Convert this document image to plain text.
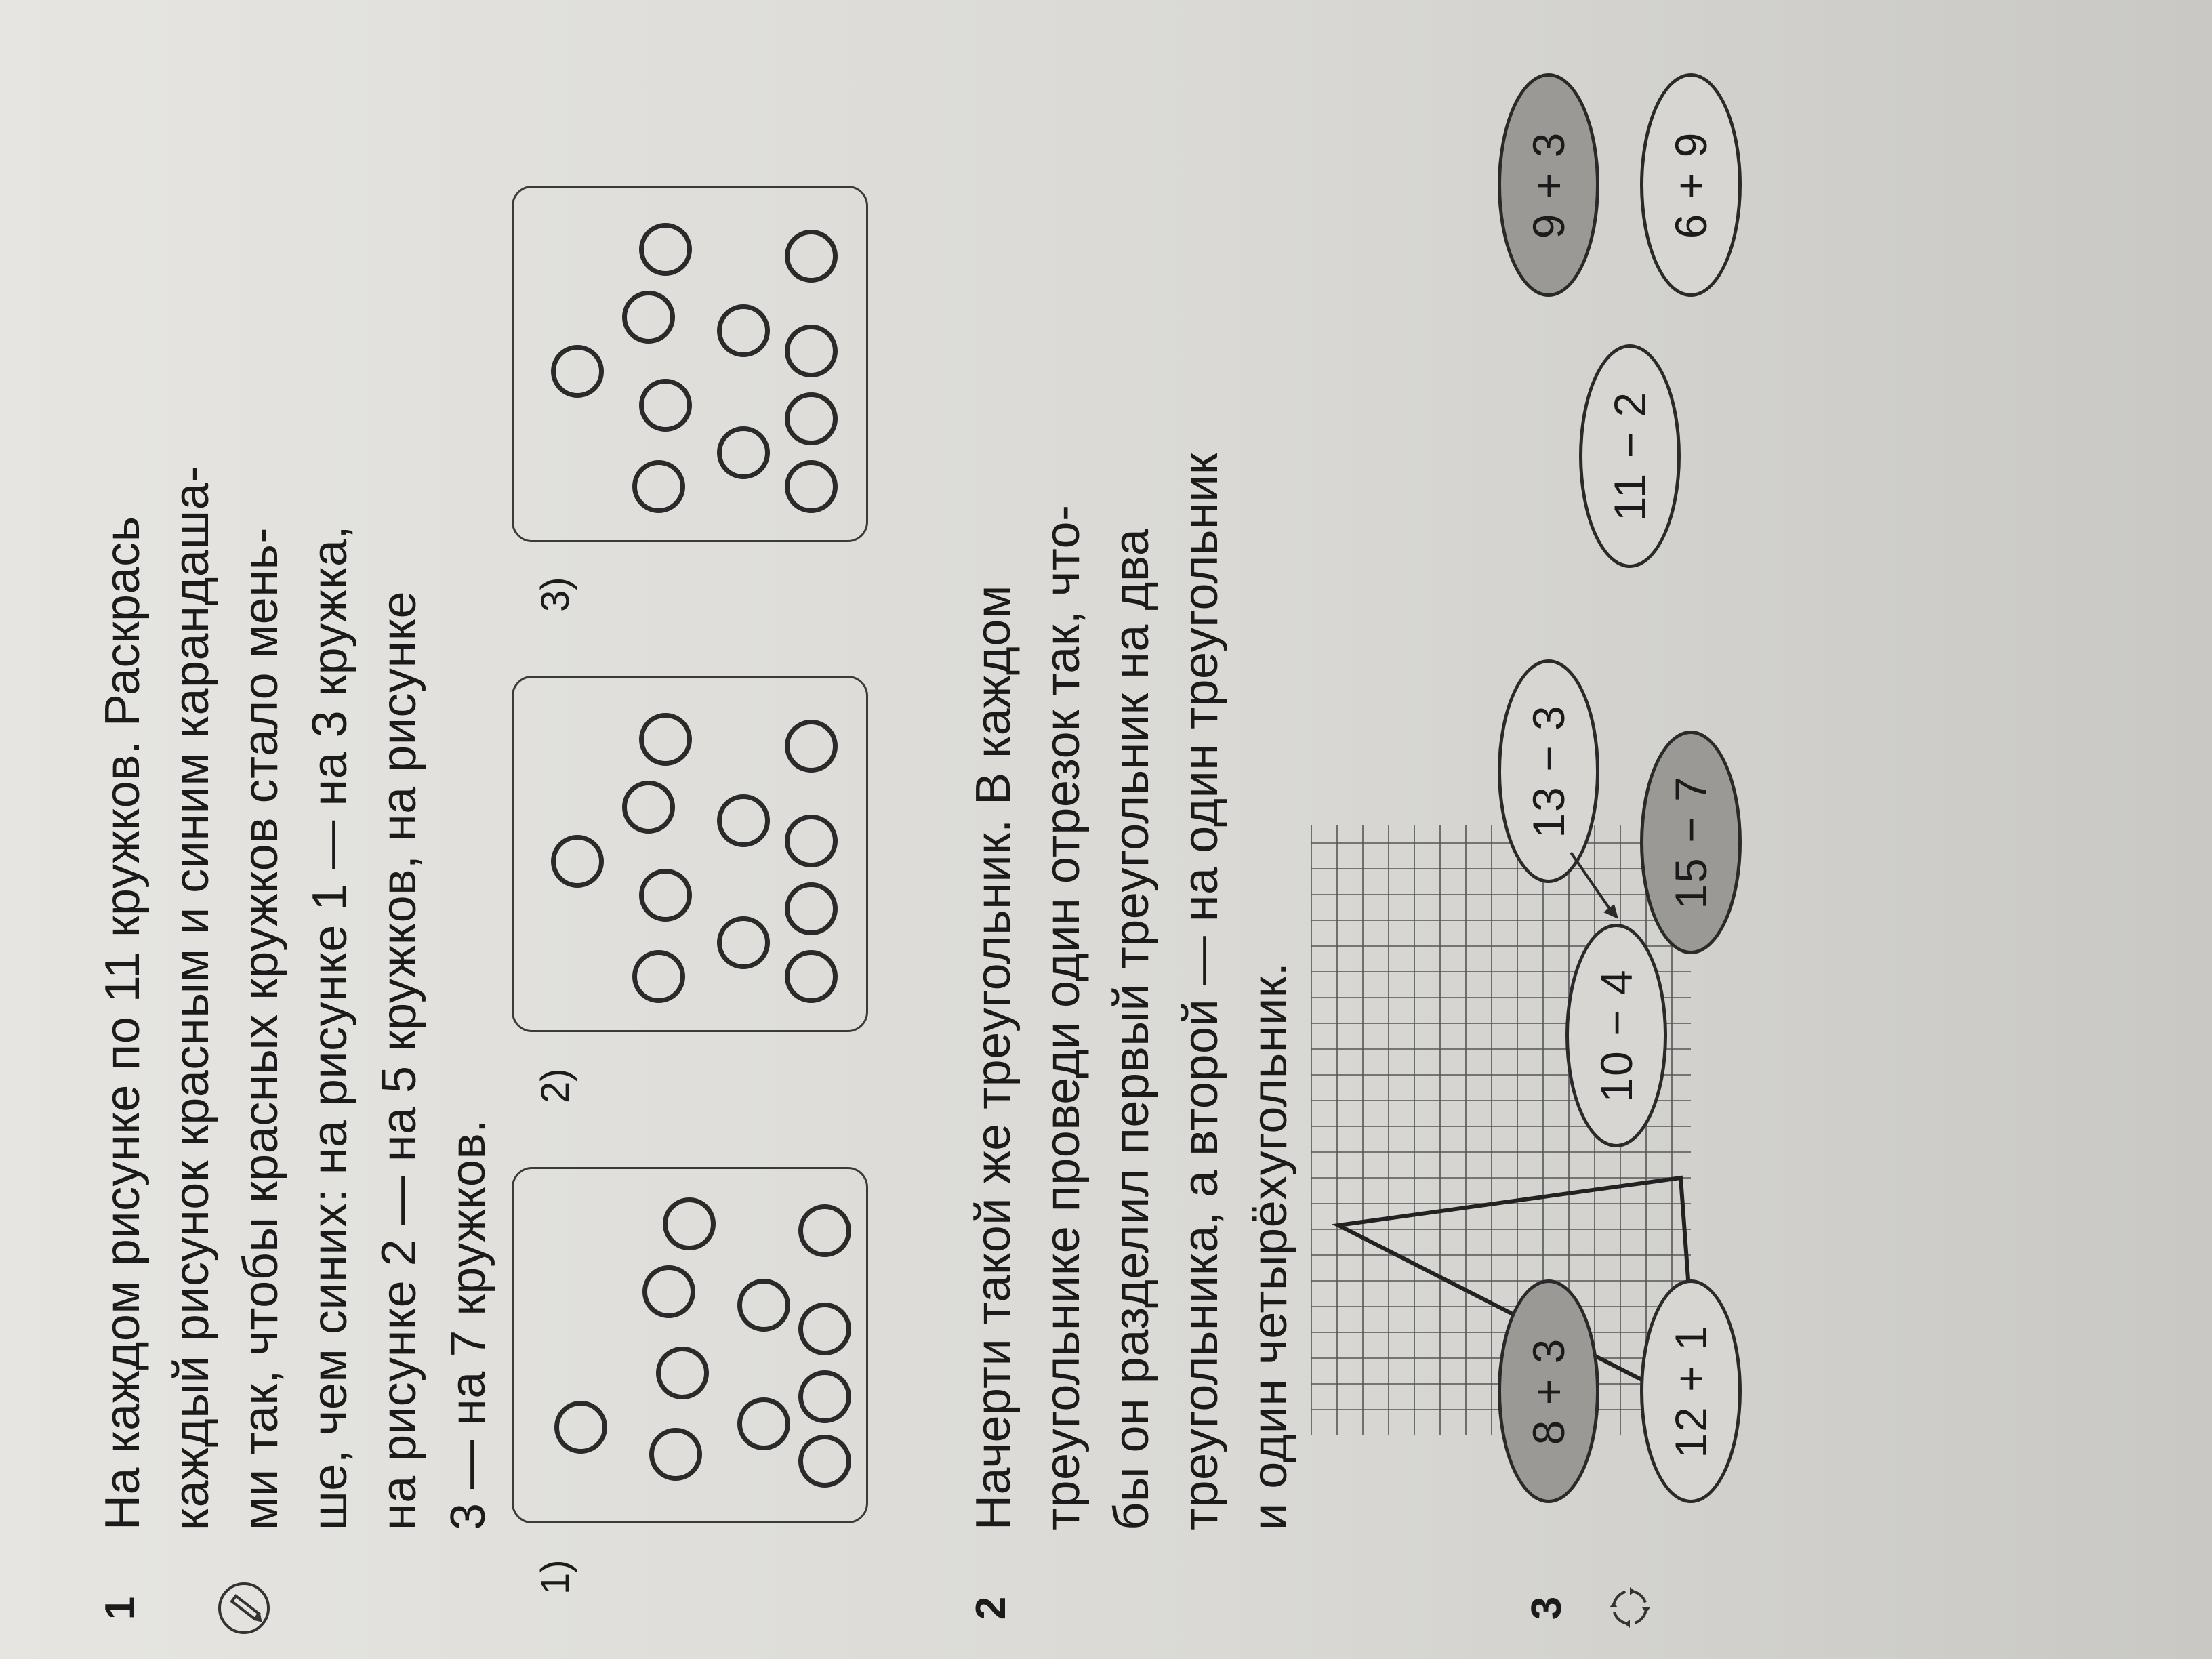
1
На каждом рисунке по 11 кружков. Раскрась каждый рисунок красным и синим карандаша- ми так, чтобы красных кружков стало мень- ше, чем синих: на рисунке 1 — на 3 кружка, на рисунке 2 — на 5 кружков, на рисунке 3 — на 7 кружков.
1)
2)
3)
2
Начерти такой же треугольник. В каждом треугольнике проведи один отрезок так, что- бы он разделил первый треугольник на два треугольника, а второй — на один треугольник и один четырёхугольник.
3
8 + 3	12 + 1
10 − 4
13 − 3
15 − 7
11 − 2
9 + 3	6 + 9
